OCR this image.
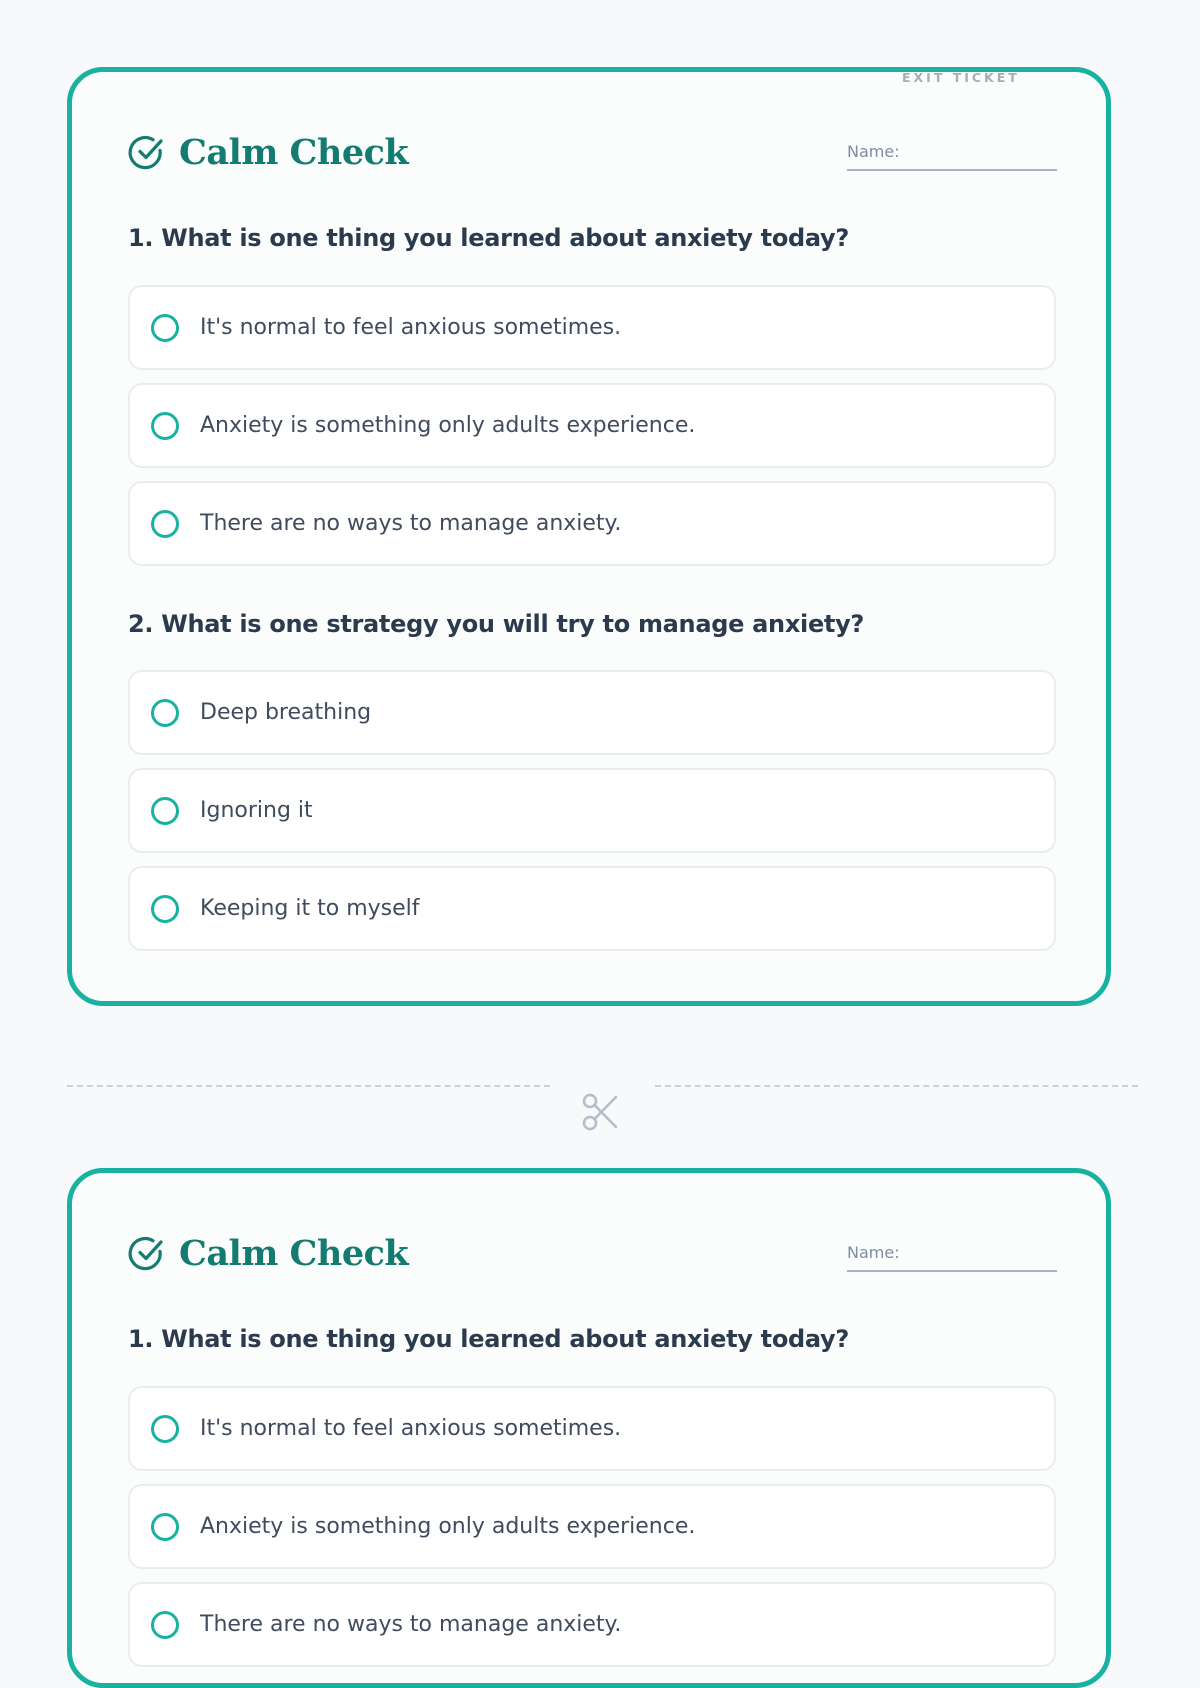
EXIT TICKET
Calm Check	Name:
1. What is one thing you learned about anxiety today?
It's normal to feel anxious sometimes.
Anxiety is something only adults experience.
There are no ways to manage anxiety.
2. What is one strategy you will try to manage anxiety?
Deep breathing
Ignoring it
Keeping it to myself
Calm Check	Name:
1. What is one thing you learned about anxiety today?
It's normal to feel anxious sometimes.
Anxiety is something only adults experience.
There are no ways to manage anxiety.
